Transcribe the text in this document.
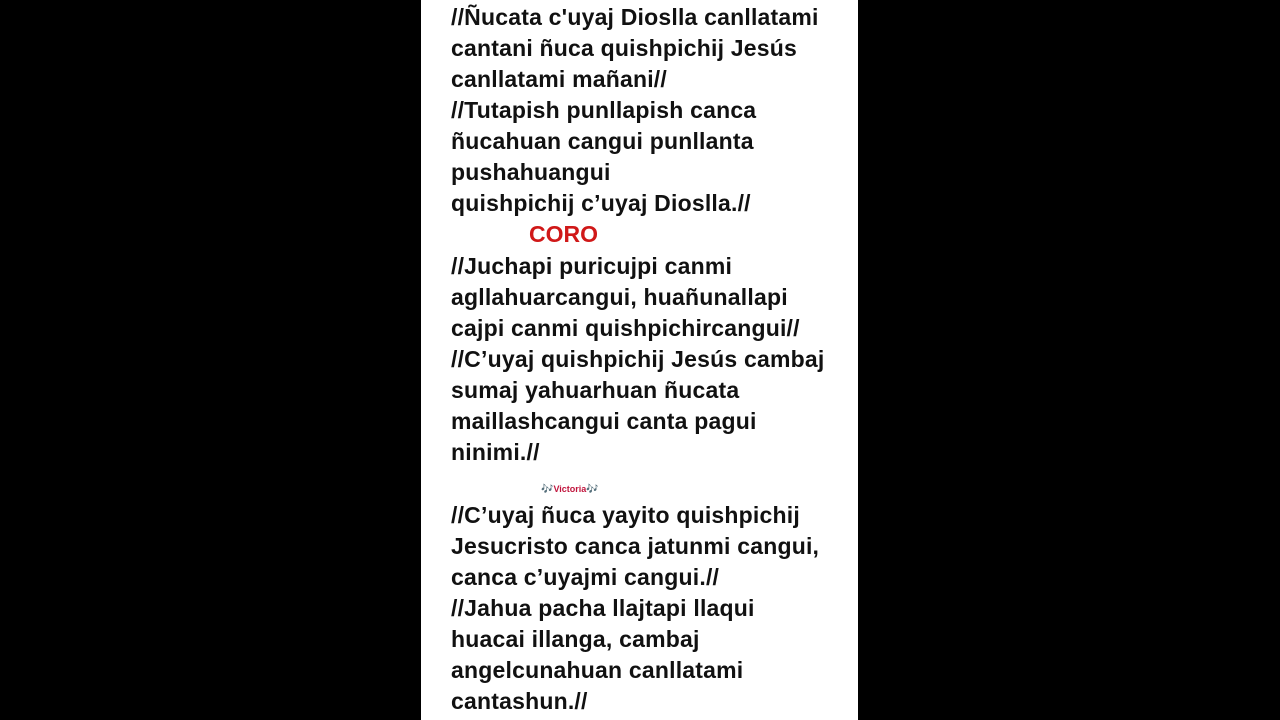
//Ñucata c'uyaj Dioslla canllatami

cantani ñuca quishpichij Jesús

canllatami mañani//

//Tutapish punllapish canca

ñucahuan cangui punllanta

pushahuangui

quishpichij c’uyaj Dioslla.//

CORO

//Juchapi puricujpi canmi

agllahuarcangui, huañunallapi

cajpi canmi quishpichircangui//

//C’uyaj quishpichij Jesús cambaj

sumaj yahuarhuan ñucata

maillashcangui canta pagui

ninimi.//

🎶Victoria🎶

//C’uyaj ñuca yayito quishpichij

Jesucristo canca jatunmi cangui,

canca c’uyajmi cangui.//

//Jahua pacha llajtapi llaqui

huacai illanga, cambaj

angelcunahuan canllatami

cantashun.//
